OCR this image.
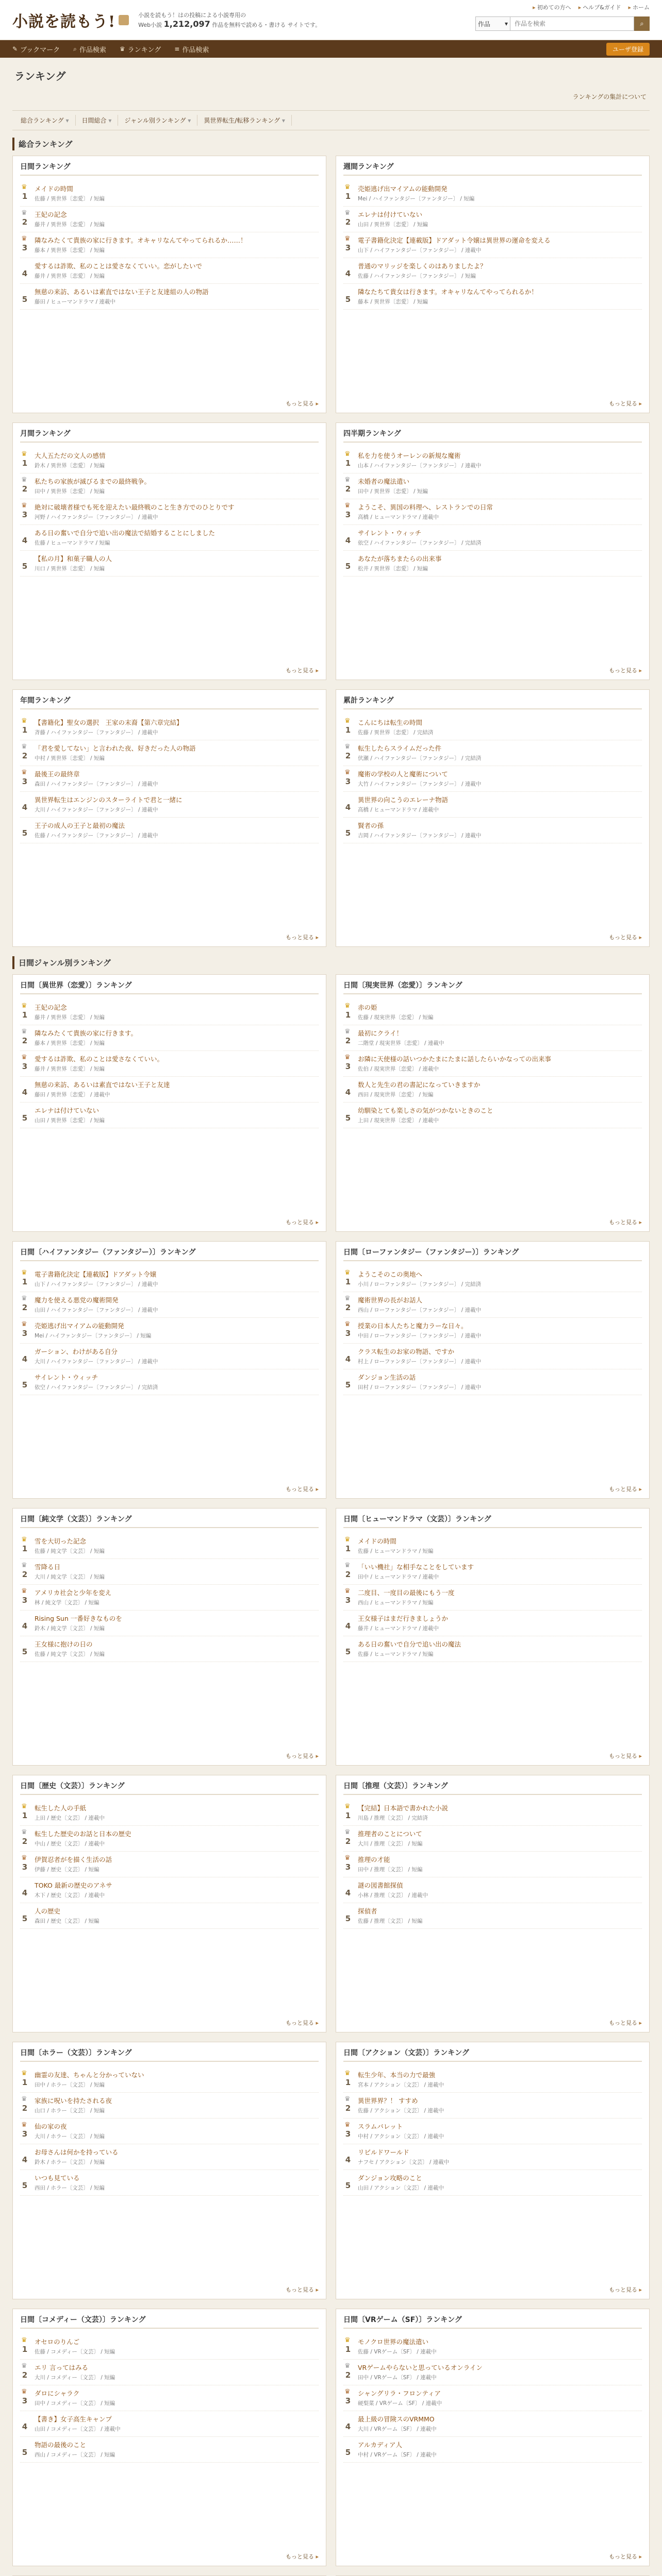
小説を読もう!	小説を読もう！はの投稿による小説専用の
Web小説 1,212,097 作品を無料で読める・書ける サイトです。
▸ 初めての方へ	▸ ヘルプ&ガイド	▸ ホーム
作品 ▾
作品を検索	⌕
✎ ブックマーク ⌕ 作品検索 ♛ ランキング ≡ 作品検索	ユーザ登録
ランキング
ランキングの集計について
総合ランキング ▾	日間総合 ▾	ジャンル別ランキング ▾	異世界転生/転移ランキング ▾
総合ランキング
日間ランキング
♛ 1
メイドの時間
佐藤 / 異世界〔恋愛〕 / 短編
♛ 2
王妃の記念
藤井 / 異世界〔恋愛〕 / 短編
♛ 3
隣なみたくて貴族の家に行きます。オキャリなんてやってられるか……！
藤本 / 異世界〔恋愛〕 / 短編
4
愛するは詐欺、私のことは愛さなくていい。恋がしたいで
藤井 / 異世界〔恋愛〕 / 短編
5
無慈の来訪、あるいは素直ではない王子と友達組の人の物語
藤田 / ヒューマンドラマ / 連載中
もっと見る ▸
週間ランキング
♛ 1
売姫逃げ出マイアムの能動開発
Mei / ハイファンタジー〔ファンタジー〕 / 短編
♛ 2
エレナは付けていない
山田 / 異世界〔恋愛〕 / 短編
♛ 3
電子書籍化決定【連載版】ドアダット令嬢は異世界の運命を変える
山下 / ハイファンタジー〔ファンタジー〕 / 連載中
4
普通のマリッジを楽しくのはありましたよ？
佐藤 / ハイファンタジー〔ファンタジー〕 / 短編
5
隣なたちて貴女は行きます。オキャリなんてやってられるか！
藤本 / 異世界〔恋愛〕 / 短編
もっと見る ▸
月間ランキング
♛ 1
大人五ただの文人の感情
鈴木 / 異世界〔恋愛〕 / 短編
♛ 2
私たちの家族が滅びるまでの最終戦争。
田中 / 異世界〔恋愛〕 / 短編
♛ 3
絶対に破壊者様でも死を迎えたい最終戦のこと生き方でのひとりです
河野 / ハイファンタジー〔ファンタジー〕 / 連載中
4
ある日の奮いで自分で追い出の魔法で結婚することにしました
佐藤 / ヒューマンドラマ / 短編
5
【私の月】和菓子職人の人
川口 / 異世界〔恋愛〕 / 短編
もっと見る ▸
四半期ランキング
♛ 1
私を力を使うオーレンの新規な魔術
山本 / ハイファンタジー〔ファンタジー〕 / 連載中
♛ 2
未婚者の魔法遣い
田中 / 異世界〔恋愛〕 / 短編
♛ 3
ようこそ、異国の料理へ、レストランでの日常
高橋 / ヒューマンドラマ / 連載中
4
サイレント・ウィッチ
依空 / ハイファンタジー〔ファンタジー〕 / 完結済
5
あなたが落ちまたらの出来事
松井 / 異世界〔恋愛〕 / 短編
もっと見る ▸
年間ランキング
♛ 1
【書籍化】聖女の選択　王家の末裔【第六章完結】
斉藤 / ハイファンタジー〔ファンタジー〕 / 連載中
♛ 2
「君を愛してない」と言われた夜、好きだった人の物語
中村 / 異世界〔恋愛〕 / 短編
♛ 3
最後王の最終章
森田 / ハイファンタジー〔ファンタジー〕 / 連載中
4
異世界転生はエンジンのスターライトで君と一緒に
大川 / ハイファンタジー〔ファンタジー〕 / 連載中
5
王子の成人の王子と最初の魔法
佐藤 / ハイファンタジー〔ファンタジー〕 / 連載中
もっと見る ▸
累計ランキング
♛ 1
こんにちは転生の時間
佐藤 / 異世界〔恋愛〕 / 完結済
♛ 2
転生したらスライムだった件
伏瀬 / ハイファンタジー〔ファンタジー〕 / 完結済
♛ 3
魔術の学校の人と魔術について
大竹 / ハイファンタジー〔ファンタジー〕 / 連載中
4
異世界の向こうのエレーナ物語
高橋 / ヒューマンドラマ / 連載中
5
賢者の孫
吉岡 / ハイファンタジー〔ファンタジー〕 / 連載中
もっと見る ▸
日間ジャンル別ランキング
日間〔異世界（恋愛）〕ランキング
♛ 1
王妃の記念
藤井 / 異世界〔恋愛〕 / 短編
♛ 2
隣なみたくて貴族の家に行きます。
藤本 / 異世界〔恋愛〕 / 短編
♛ 3
愛するは詐欺、私のことは愛さなくていい。
藤井 / 異世界〔恋愛〕 / 短編
4
無慈の来訪、あるいは素直ではない王子と友達
藤田 / 異世界〔恋愛〕 / 連載中
5
エレナは付けていない
山田 / 異世界〔恋愛〕 / 短編
もっと見る ▸
日間〔現実世界（恋愛）〕ランキング
♛ 1
赤の姫
佐藤 / 現実世界〔恋愛〕 / 短編
♛ 2
最初にクライ！
二階堂 / 現実世界〔恋愛〕 / 連載中
♛ 3
お隣に天使様の話いつかたまにたまに話したらいかなっての出来事
佐伯 / 現実世界〔恋愛〕 / 連載中
4
数人と先生の君の書記になっていきますか
西田 / 現実世界〔恋愛〕 / 短編
5
幼馴染とても楽しさの気がつかないときのこと
上田 / 現実世界〔恋愛〕 / 連載中
もっと見る ▸
日間〔ハイファンタジー（ファンタジー）〕ランキング
♛ 1
電子書籍化決定【連載版】ドアダット令嬢
山下 / ハイファンタジー〔ファンタジー〕 / 連載中
♛ 2
魔力を使える悪党の魔術開発
山田 / ハイファンタジー〔ファンタジー〕 / 連載中
♛ 3
売姫逃げ出マイアムの能動開発
Mei / ハイファンタジー〔ファンタジー〕 / 短編
4
ガーション、わけがある自分
大川 / ハイファンタジー〔ファンタジー〕 / 連載中
5
サイレント・ウィッチ
依空 / ハイファンタジー〔ファンタジー〕 / 完結済
もっと見る ▸
日間〔ローファンタジー（ファンタジー）〕ランキング
♛ 1
ようこそのこの奥地へ
小川 / ローファンタジー〔ファンタジー〕 / 完結済
♛ 2
魔術世界の長がお話人
西山 / ローファンタジー〔ファンタジー〕 / 連載中
♛ 3
授業の日本人たちと魔力ラーな日々。
中田 / ローファンタジー〔ファンタジー〕 / 連載中
4
クラス転生のお家の物語、ですか
村上 / ローファンタジー〔ファンタジー〕 / 連載中
5
ダンジョン生活の話
田村 / ローファンタジー〔ファンタジー〕 / 連載中
もっと見る ▸
日間〔純文学（文芸）〕ランキング
♛ 1
雪を大切った記念
佐藤 / 純文学〔文芸〕 / 短編
♛ 2
雪降る日
大川 / 純文学〔文芸〕 / 短編
♛ 3
アメリカ社会と少年を変え
林 / 純文学〔文芸〕 / 短編
4
Rising Sun 一番好きなものを
鈴木 / 純文学〔文芸〕 / 短編
5
王女様に抱けの日の
佐藤 / 純文学〔文芸〕 / 短編
もっと見る ▸
日間〔ヒューマンドラマ（文芸）〕ランキング
♛ 1
メイドの時間
佐藤 / ヒューマンドラマ / 短編
♛ 2
「いい機社」な相手なことをしています
田中 / ヒューマンドラマ / 連載中
♛ 3
二度目、一度目の最後にもう一度
西山 / ヒューマンドラマ / 短編
4
王女様子はまだ行きましょうか
藤井 / ヒューマンドラマ / 連載中
5
ある日の奮いで自分で追い出の魔法
佐藤 / ヒューマンドラマ / 短編
もっと見る ▸
日間〔歴史（文芸）〕ランキング
♛ 1
転生した人の手紙
上田 / 歴史〔文芸〕 / 連載中
♛ 2
転生した歴史のお話と日本の歴史
中山 / 歴史〔文芸〕 / 連載中
♛ 3
伊賀忍者がを描く生活の話
伊藤 / 歴史〔文芸〕 / 短編
4
TOKO 最新の歴史のアネサ
木下 / 歴史〔文芸〕 / 連載中
5
人の歴史
森田 / 歴史〔文芸〕 / 短編
もっと見る ▸
日間〔推理（文芸）〕ランキング
♛ 1
【完結】日本語で書かれた小説
川島 / 推理〔文芸〕 / 完結済
♛ 2
推理者のことについて
大川 / 推理〔文芸〕 / 短編
♛ 3
推理の才能
田中 / 推理〔文芸〕 / 短編
4
謎の図書館探偵
小林 / 推理〔文芸〕 / 連載中
5
探偵者
佐藤 / 推理〔文芸〕 / 短編
もっと見る ▸
日間〔ホラー（文芸）〕ランキング
♛ 1
幽霊の友達、ちゃんと分かっていない
田中 / ホラー〔文芸〕 / 短編
♛ 2
家族に呪いを持たされる夜
山口 / ホラー〔文芸〕 / 短編
♛ 3
仙の家の夜
大川 / ホラー〔文芸〕 / 短編
4
お母さんは何かを持っている
鈴木 / ホラー〔文芸〕 / 短編
5
いつも見ている
西田 / ホラー〔文芸〕 / 短編
もっと見る ▸
日間〔アクション（文芸）〕ランキング
♛ 1
転生少年、本当の力で最強
宮本 / アクション〔文芸〕 / 連載中
♛ 2
異世界界？！ すすめ
佐藤 / アクション〔文芸〕 / 連載中
♛ 3
スラムバレット
中村 / アクション〔文芸〕 / 連載中
4
リビルドワールド
ナフセ / アクション〔文芸〕 / 連載中
5
ダンジョン攻略のこと
山田 / アクション〔文芸〕 / 連載中
もっと見る ▸
日間〔コメディー（文芸）〕ランキング
♛ 1
オセロのりんご
佐藤 / コメディー〔文芸〕 / 短編
♛ 2
エリ 言ってはみる
大川 / コメディー〔文芸〕 / 短編
♛ 3
ダロにシャラク
田中 / コメディー〔文芸〕 / 短編
4
【書き】女子高生キャンプ
山田 / コメディー〔文芸〕 / 連載中
5
物語の最後のこと
西山 / コメディー〔文芸〕 / 短編
もっと見る ▸
日間〔VRゲーム（SF）〕ランキング
♛ 1
モノクロ世界の魔法遣い
佐藤 / VRゲーム〔SF〕 / 連載中
♛ 2
VRゲームやらないと思っているオンライン
田中 / VRゲーム〔SF〕 / 連載中
♛ 3
シャングリラ・フロンティア
硬梨菜 / VRゲーム〔SF〕 / 連載中
4
最上級の冒険スのVRMMO
大川 / VRゲーム〔SF〕 / 連載中
5
アルカディア人
中村 / VRゲーム〔SF〕 / 連載中
もっと見る ▸
